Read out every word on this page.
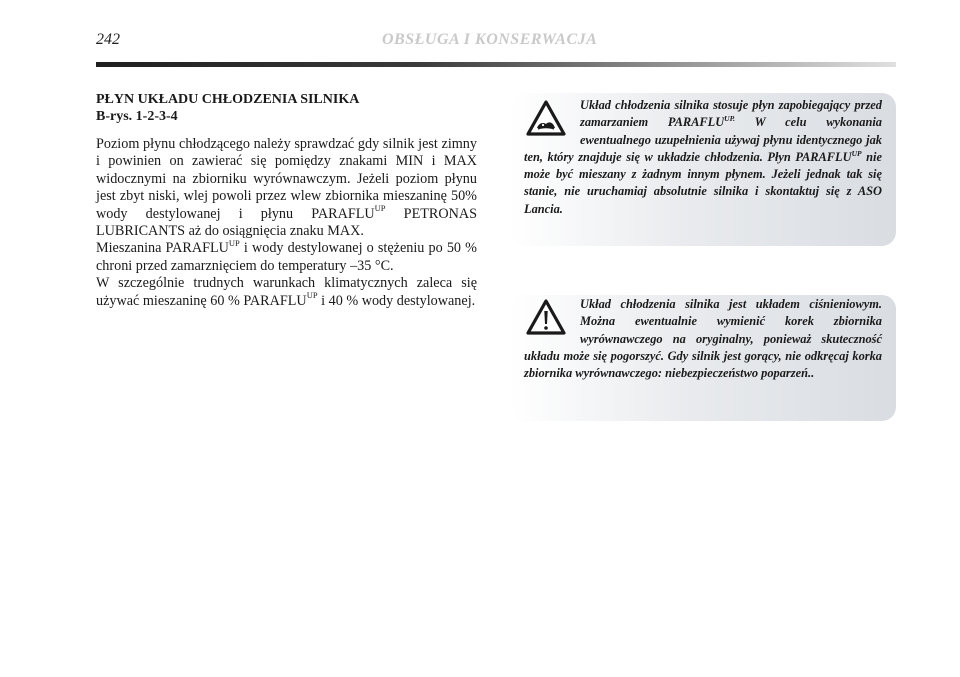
242	OBSŁUGA I KONSERWACJA

PŁYN UKŁADU CHŁODZENIA SILNIKA

B-rys. 1-2-3-4

Poziom płynu chłodzącego należy sprawdzać gdy silnik jest zimny i powinien on zawierać się pomiędzy znakami MIN i MAX widocznymi na zbiorniku wyrównawczym. Jeżeli poziom płynu jest zbyt niski, wlej powoli przez wlew zbiornika mieszaninę 50% wody destylowanej i płynu $PARAFLU^{UP}$ PETRONAS LUBRICANTS aż do osiągnięcia znaku MAX.

Mieszanina $PARAFLU^{UP}$ i wody destylowanej o stężeniu po 50 % chroni przed zamarznięciem do temperatury –35 °C.

W szczególnie trudnych warunkach klimatycznych zaleca się używać mieszaninę 60 % $PARAFLU^{UP}$ i 40 % wody destylowanej.

Układ chłodzenia silnika stosuje płyn zapobiegający przed zamarzaniem $PARAFLU^{UP.}$ W celu wykonania ewentualnego uzupełnienia używaj płynu identycznego jak ten, który znajduje się w układzie chłodzenia. Płyn $PARAFLU^{UP}$ nie może być mieszany z żadnym innym płynem. Jeżeli jednak tak się stanie, nie uruchamiaj absolutnie silnika i skontaktuj się z ASO Lancia.
Układ chłodzenia silnika jest układem ciśnieniowym. Można ewentualnie wymienić korek zbiornika wyrównawczego na oryginalny, ponieważ skuteczność układu może się pogorszyć. Gdy silnik jest gorący, nie odkręcaj korka zbiornika wyrównawczego: niebezpieczeństwo poparzeń..
